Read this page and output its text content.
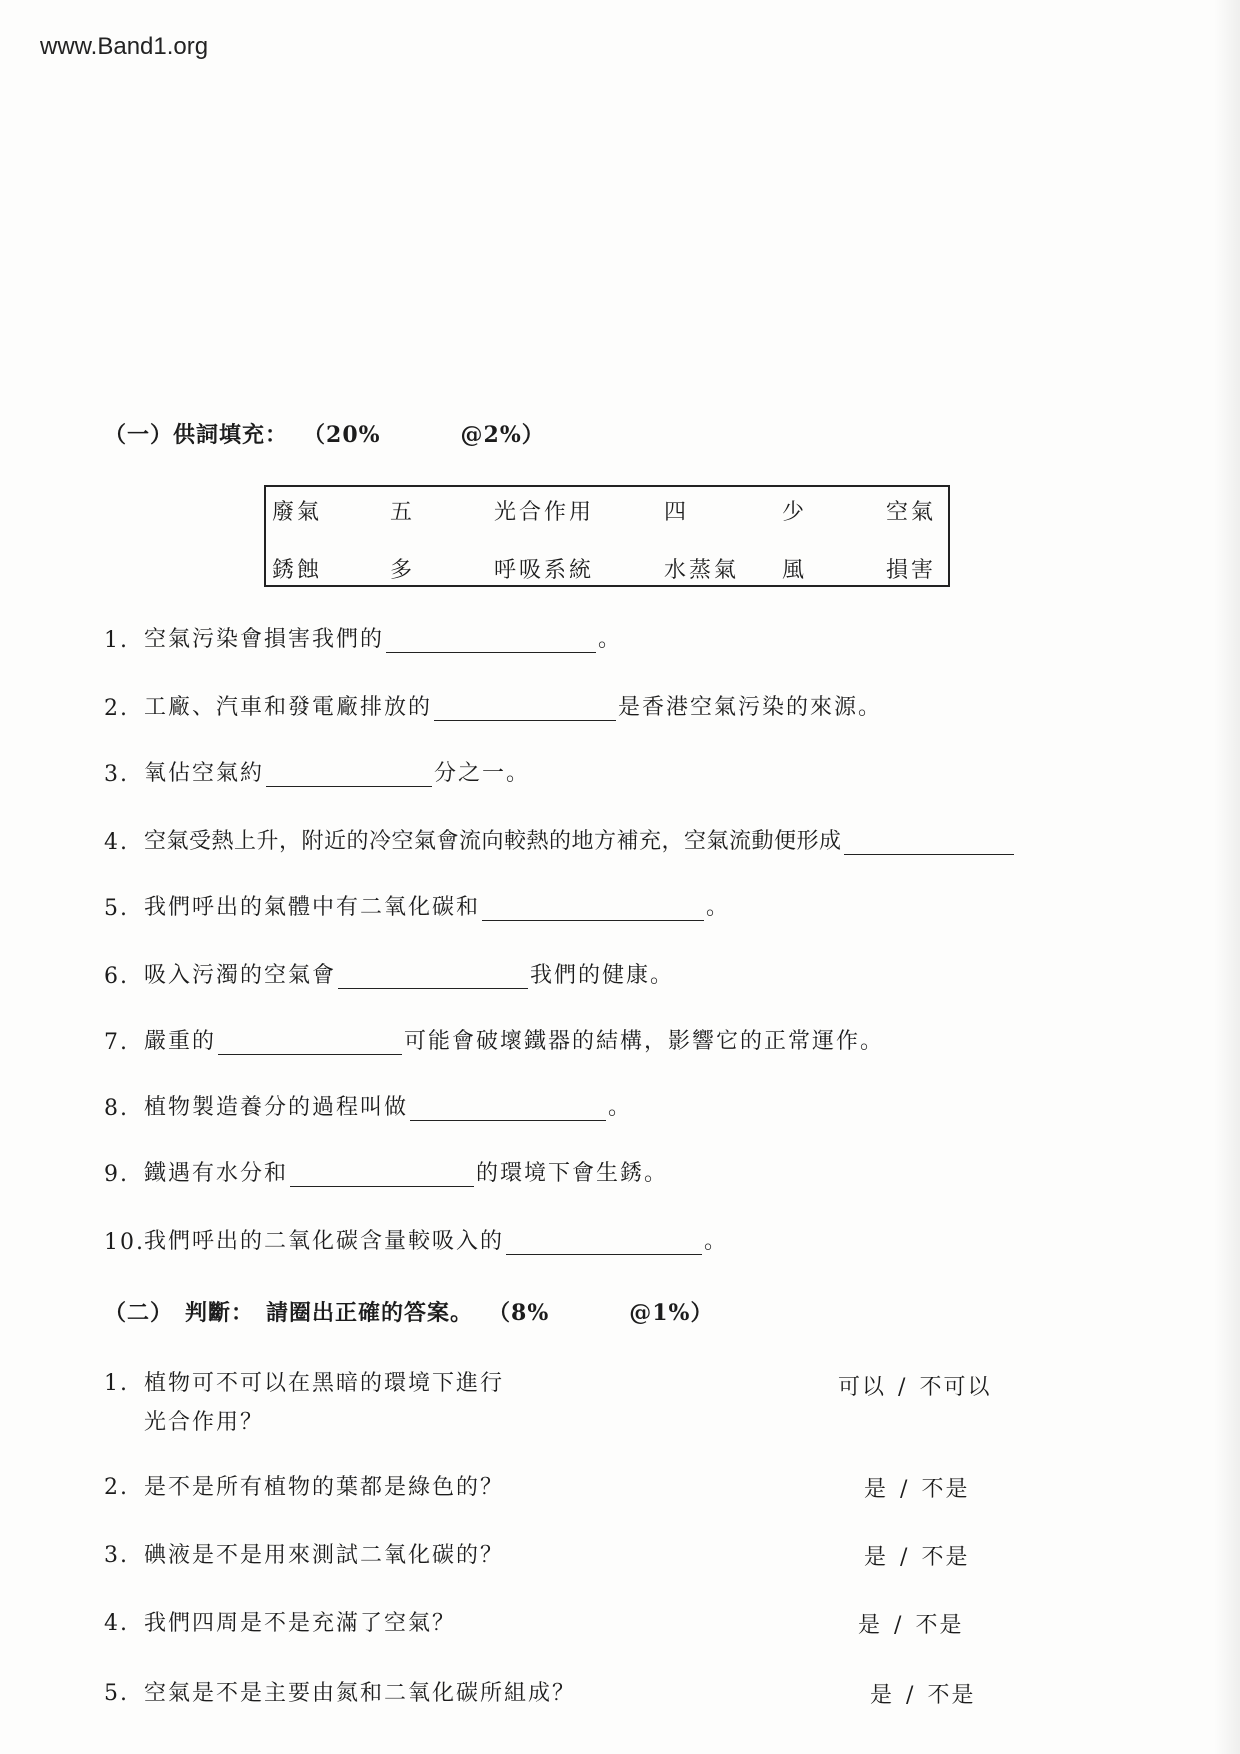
www.Band1.org
（一）供詞填充： （20%	@2%）
廢氣	五	光合作用	四	少	空氣
銹蝕	多	呼吸系統	水蒸氣 風	損害
1. 空氣污染會損害我們的	。
2. 工廠、汽車和發電廠排放的	是香港空氣污染的來源。
3. 氧佔空氣約	分之一。
4. 空氣受熱上升，附近的冷空氣會流向較熱的地方補充，空氣流動便形成
5. 我們呼出的氣體中有二氧化碳和	。
6. 吸入污濁的空氣會	我們的健康。
7. 嚴重的	可能會破壞鐵器的結構，影響它的正常運作。
8. 植物製造養分的過程叫做	。
9. 鐵遇有水分和	的環境下會生銹。
10. 我們呼出的二氧化碳含量較吸入的	。
（二）　判斷：　請圈出正確的答案。 （8%	@1%）
1. 植物可不可以在黑暗的環境下進行
光合作用？
可以 / 不可以
2. 是不是所有植物的葉都是綠色的？	是 / 不是
3. 碘液是不是用來測試二氧化碳的？	是 / 不是
4. 我們四周是不是充滿了空氣？	是 / 不是
5. 空氣是不是主要由氮和二氧化碳所組成？	是 / 不是
